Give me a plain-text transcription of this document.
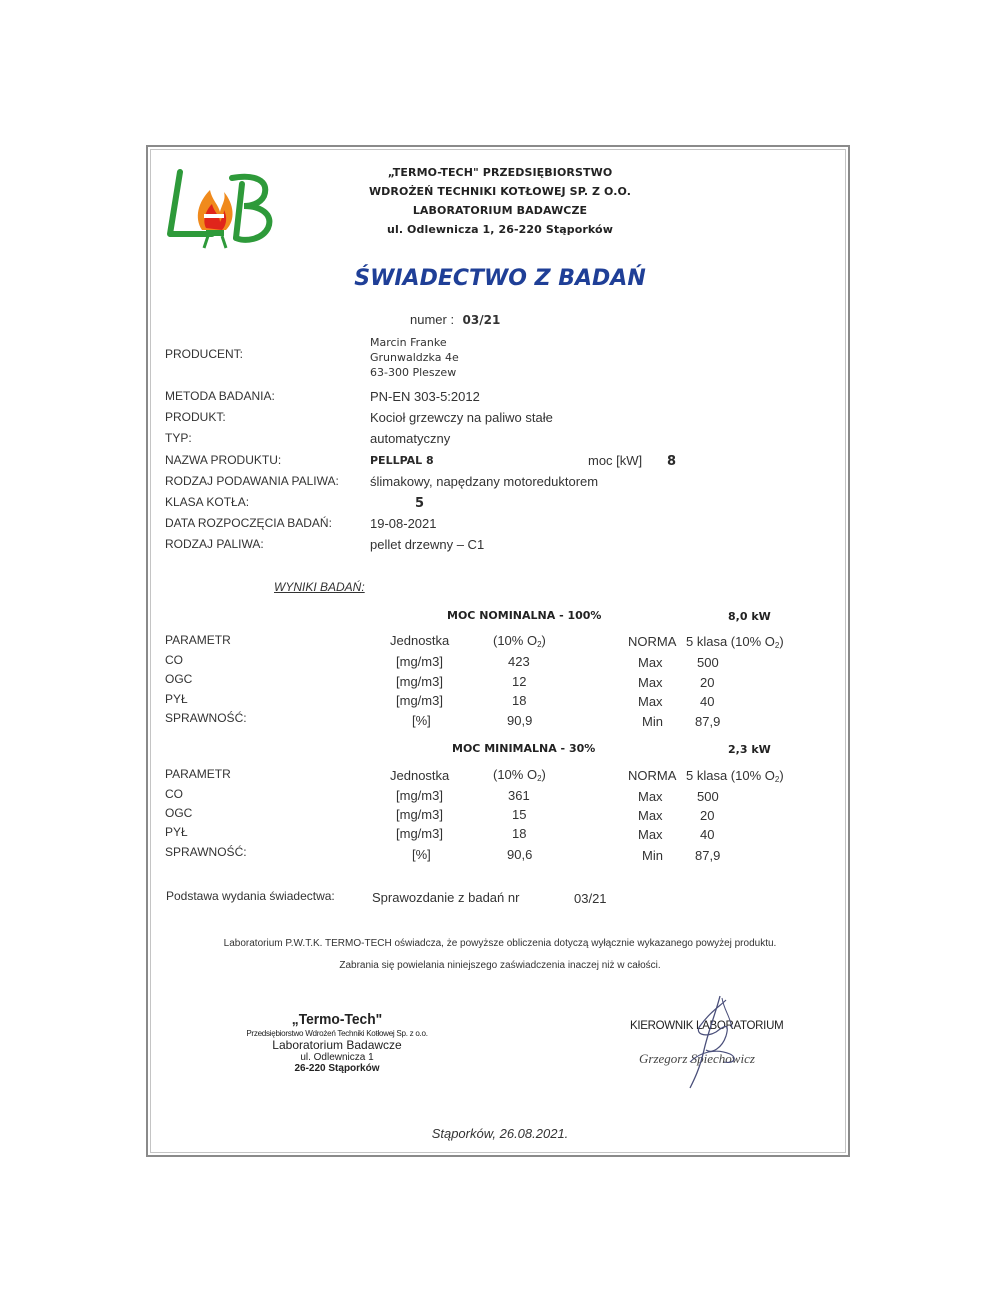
„TERMO-TECH" PRZEDSIĘBIORSTWO
WDROŻEŃ TECHNIKI KOTŁOWEJ SP. Z O.O.
LABORATORIUM BADAWCZE
ul. Odlewnicza 1, 26-220 Stąporków
ŚWIADECTWO Z BADAŃ
numer : 03/21
PRODUCENT:
Marcin Franke
Grunwaldzka 4e
63-300 Pleszew
METODA BADANIA:	PN-EN 303-5:2012
PRODUKT:	Kocioł grzewczy na paliwo stałe
TYP:	automatyczny
NAZWA PRODUKTU:	PELLPAL 8	moc [kW] 8
RODZAJ PODAWANIA PALIWA: ślimakowy, napędzany motoreduktorem
KLASA KOTŁA:	5
DATA ROZPOCZĘCIA BADAŃ:	19-08-2021
RODZAJ PALIWA:	pellet drzewny – C1
WYNIKI BADAŃ:
MOC NOMINALNA - 100%	8,0 kW
PARAMETR	Jednostka	(10% $O_2$)	NORMA 5 klasa (10% $O_2$)
CO	[mg/m3]	423	Max	500
OGC	[mg/m3]	12	Max	20
PYŁ	[mg/m3]	18	Max	40
SPRAWNOŚĆ:	[%]	90,9	Min 87,9
MOC MINIMALNA - 30%	2,3 kW
PARAMETR	Jednostka	(10% $O_2$)	NORMA 5 klasa (10% $O_2$)
CO	[mg/m3]	361	Max	500
OGC	[mg/m3]	15	Max	20
PYŁ	[mg/m3]	18	Max	40
SPRAWNOŚĆ:	[%]	90,6	Min 87,9
Podstawa wydania świadectwa:	Sprawozdanie z badań nr	03/21
Laboratorium P.W.T.K. TERMO-TECH oświadcza, że powyższe obliczenia dotyczą wyłącznie wykazanego powyżej produktu.
Zabrania się powielania niniejszego zaświadczenia inaczej niż w całości.
„Termo-Tech"
Przedsiębiorstwo Wdrożeń Techniki Kotłowej Sp. z o.o.
Laboratorium Badawcze
ul. Odlewnicza 1
26-220 Stąporków
KIEROWNIK LABORATORIUM
Grzegorz Spiechowicz
Stąporków, 26.08.2021.
